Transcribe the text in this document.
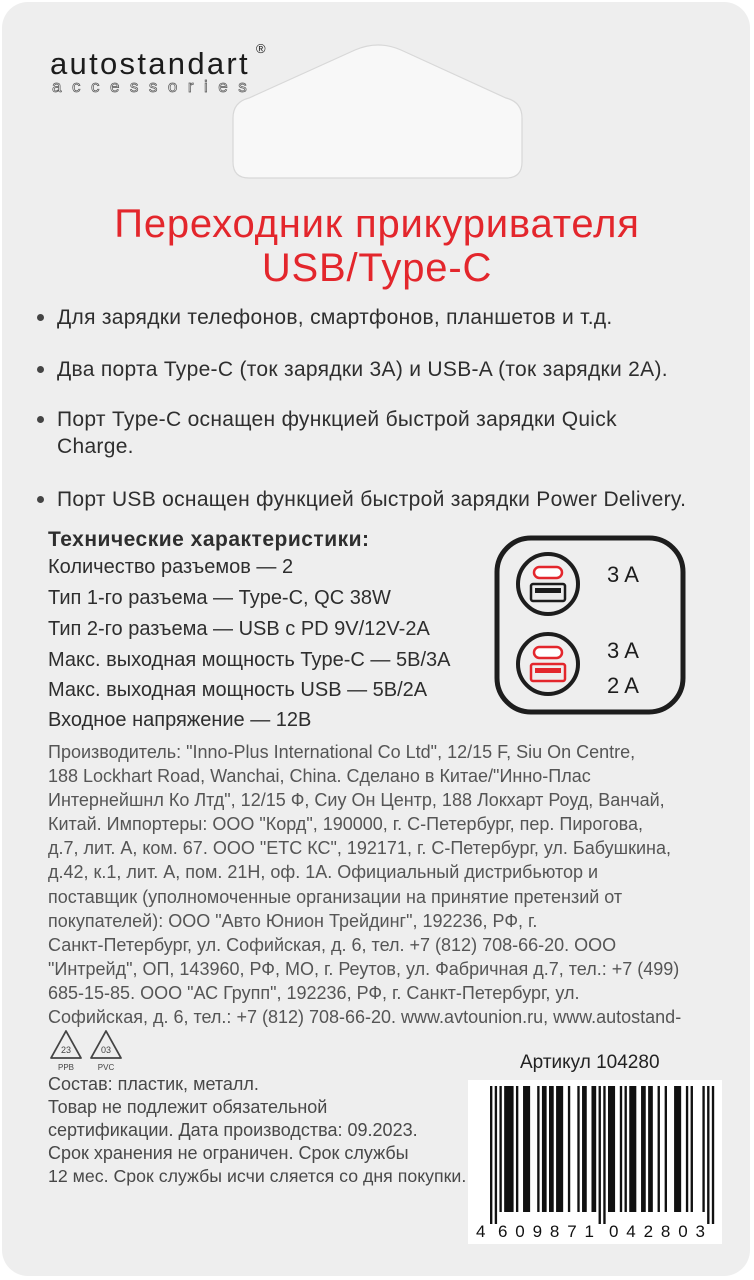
autostandart ®
accessories
Переходник прикуривателя
USB/Type-C
Для зарядки телефонов, смартфонов, планшетов и т.д.
Два порта Type-C (ток зарядки 3А) и USB-A (ток зарядки 2А).
Порт Type-C оснащен функцией быстрой зарядки Quick
Charge.
Порт USB оснащен функцией быстрой зарядки Power Delivery.
Технические характеристики:
Количество разъемов — 2
Тип 1-го разъема — Type-C, QC 38W
Тип 2-го разъема — USB с PD 9V/12V-2A
Макс. выходная мощность Type-C — 5В/3А
Макс. выходная мощность USB — 5В/2А
Входное напряжение — 12В
3A
3A
2A
Производитель: "Inno-Plus International Co Ltd", 12/15 F, Siu On Centre,
188 Lockhart Road, Wanchai, China. Сделано в Китае/"Инно-Плас
Интернейшнл Ко Лтд", 12/15 Ф, Сиу Он Центр, 188 Локхарт Роуд, Ванчай,
Китай. Импортеры: ООО "Корд", 190000, г. С-Петербург, пер. Пирогова,
д.7, лит. А, ком. 67. ООО "ЕТС КС", 192171, г. С-Петербург, ул. Бабушкина,
д.42, к.1, лит. А, пом. 21Н, оф. 1А. Официальный дистрибьютор и
поставщик (уполномоченные организации на принятие претензий от
покупателей): ООО "Авто Юнион Трейдинг", 192236, РФ, г.
Санкт-Петербург, ул. Софийская, д. 6, тел. +7 (812) 708-66-20. ООО
"Интрейд", ОП, 143960, РФ, МО, г. Реутов, ул. Фабричная д.7, тел.: +7 (499)
685-15-85. ООО "АС Групп", 192236, РФ, г. Санкт-Петербург, ул.
Софийская, д. 6, тел.: +7 (812) 708-66-20. www.avtounion.ru, www.autostand-
23
PPB
03
PVC	Артикул 104280
Состав: пластик, металл.
Товар не подлежит обязательной
сертификации. Дата производства: 09.2023.
Срок хранения не ограничен. Срок службы
12 мес. Срок службы исчи сляется со дня покупки.
4 609871 042803
